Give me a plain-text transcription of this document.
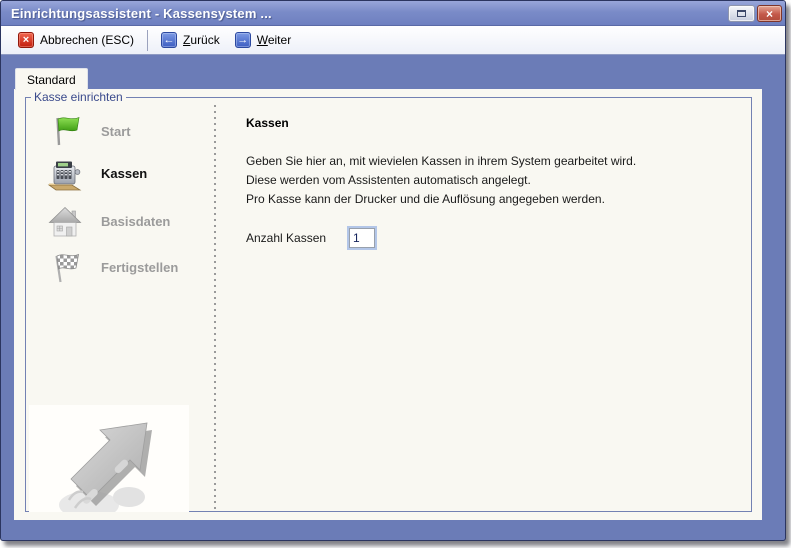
Einrichtungsassistent - Kassensystem ...	×
× Abbrechen (ESC)	← Zurück → Weiter
Standard
Kasse einrichten
Start
Kassen
Basisdaten
Fertigstellen
Kassen
Geben Sie hier an, mit wievielen Kassen in ihrem System gearbeitet wird.
Diese werden vom Assistenten automatisch angelegt.
Pro Kasse kann der Drucker und die Auflösung angegeben werden.
Anzahl Kassen
1
